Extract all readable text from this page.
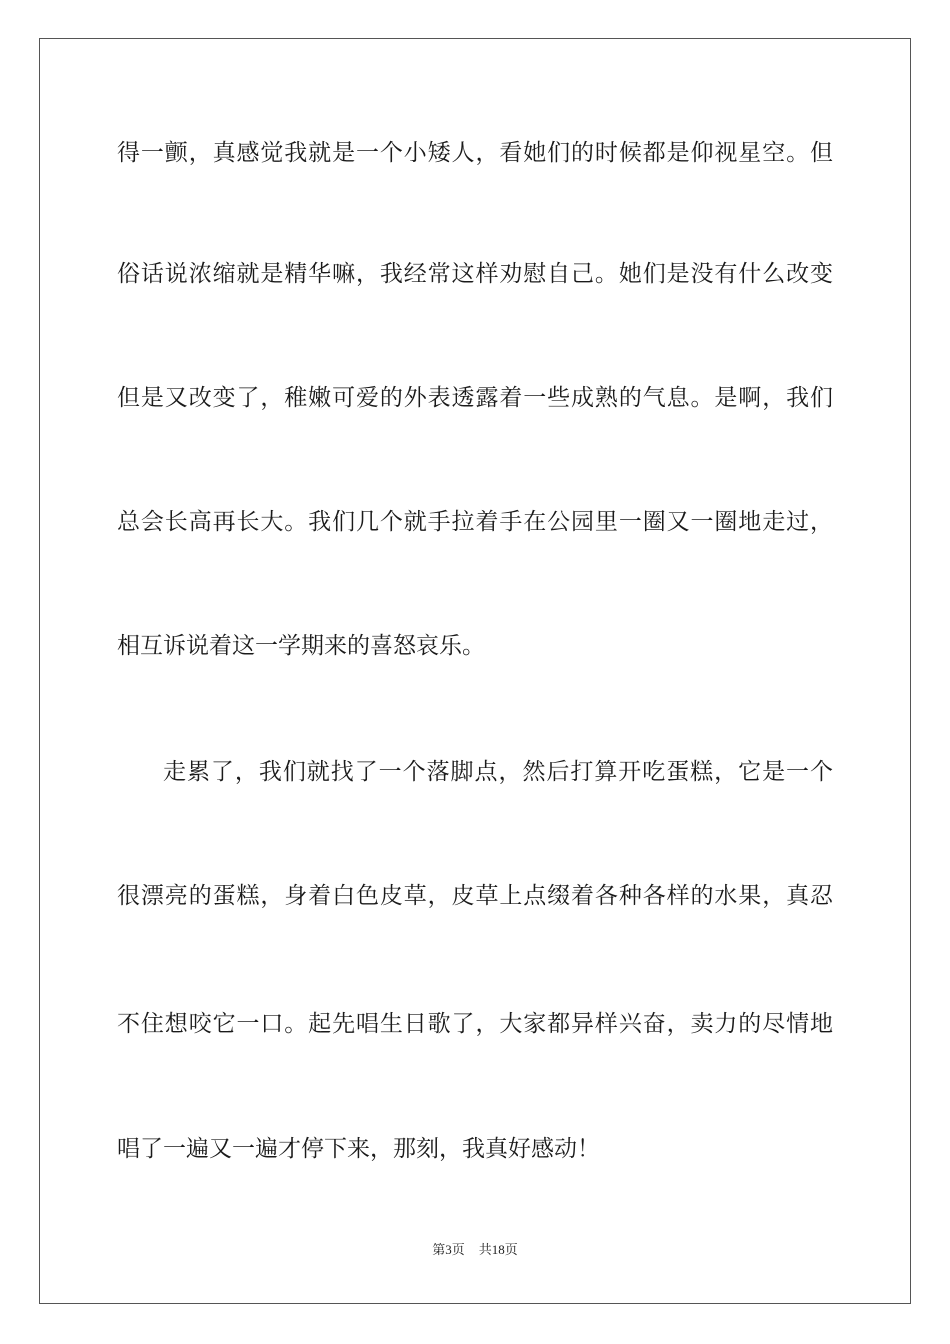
得一颤，真感觉我就是一个小矮人，看她们的时候都是仰视星空。但
俗话说浓缩就是精华嘛，我经常这样劝慰自己。她们是没有什么改变
但是又改变了，稚嫩可爱的外表透露着一些成熟的气息。是啊，我们
总会长高再长大。我们几个就手拉着手在公园里一圈又一圈地走过，
相互诉说着这一学期来的喜怒哀乐。
走累了，我们就找了一个落脚点，然后打算开吃蛋糕，它是一个
很漂亮的蛋糕，身着白色皮草，皮草上点缀着各种各样的水果，真忍
不住想咬它一口。起先唱生日歌了，大家都异样兴奋，卖力的尽情地
唱了一遍又一遍才停下来，那刻，我真好感动！
第3页 共18页
